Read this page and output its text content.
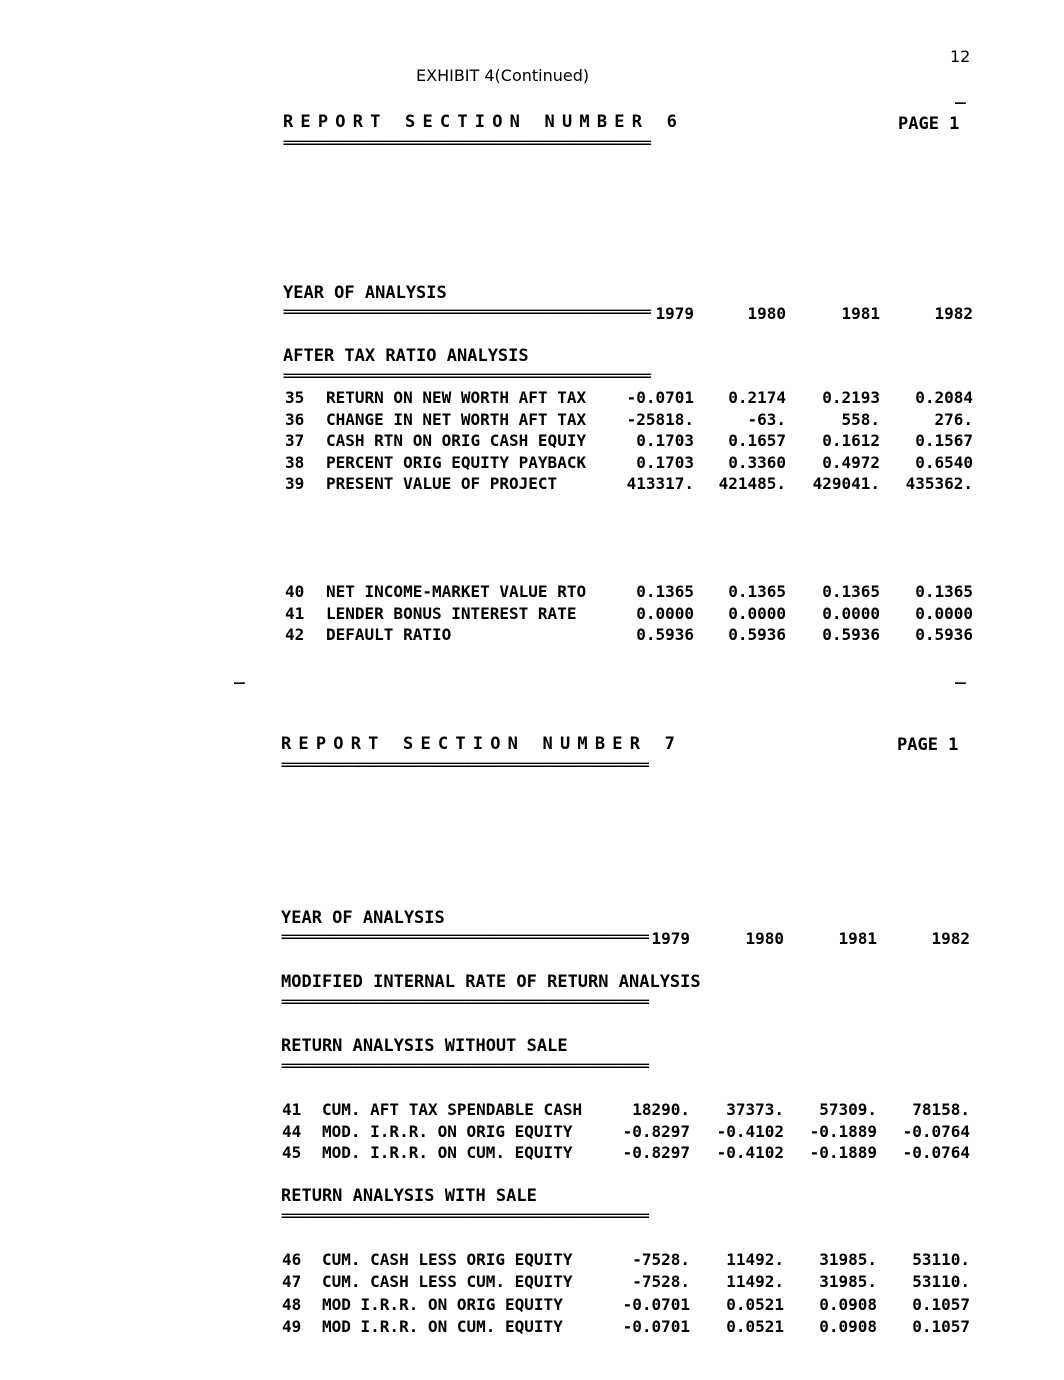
12
EXHIBIT 4(Continued)
_
REPORT SECTION NUMBER 6	PAGE 1
==============================================================
YEAR OF ANALYSIS
============================================================== 1979	1980	1981	1982
AFTER TAX RATIO ANALYSIS
==============================================================
35 RETURN ON NEW WORTH AFT TAX	-0.0701 0.2174 0.2193 0.2084
36 CHANGE IN NET WORTH AFT TAX	-25818.	-63.	558.	276.
37 CASH RTN ON ORIG CASH EQUIY	0.1703 0.1657 0.1612 0.1567
38 PERCENT ORIG EQUITY PAYBACK	0.1703 0.3360 0.4972 0.6540
39 PRESENT VALUE OF PROJECT	413317. 421485. 429041. 435362.
40 NET INCOME-MARKET VALUE RTO	0.1365 0.1365 0.1365 0.1365
41 LENDER BONUS INTEREST RATE	0.0000 0.0000 0.0000 0.0000
42 DEFAULT RATIO	0.5936 0.5936 0.5936 0.5936
_	_
REPORT SECTION NUMBER 7	PAGE 1
==============================================================
YEAR OF ANALYSIS
============================================================== 1979	1980	1981	1982
MODIFIED INTERNAL RATE OF RETURN ANALYSIS
==============================================================
RETURN ANALYSIS WITHOUT SALE
==============================================================
41 CUM. AFT TAX SPENDABLE CASH	18290. 37373. 57309. 78158.
44 MOD. I.R.R. ON ORIG EQUITY	-0.8297 -0.4102 -0.1889 -0.0764
45 MOD. I.R.R. ON CUM. EQUITY	-0.8297 -0.4102 -0.1889 -0.0764
RETURN ANALYSIS WITH SALE
==============================================================
46 CUM. CASH LESS ORIG EQUITY	-7528. 11492. 31985. 53110.
47 CUM. CASH LESS CUM. EQUITY	-7528. 11492. 31985. 53110.
48 MOD I.R.R. ON ORIG EQUITY	-0.0701 0.0521 0.0908 0.1057
49 MOD I.R.R. ON CUM. EQUITY	-0.0701 0.0521 0.0908 0.1057
